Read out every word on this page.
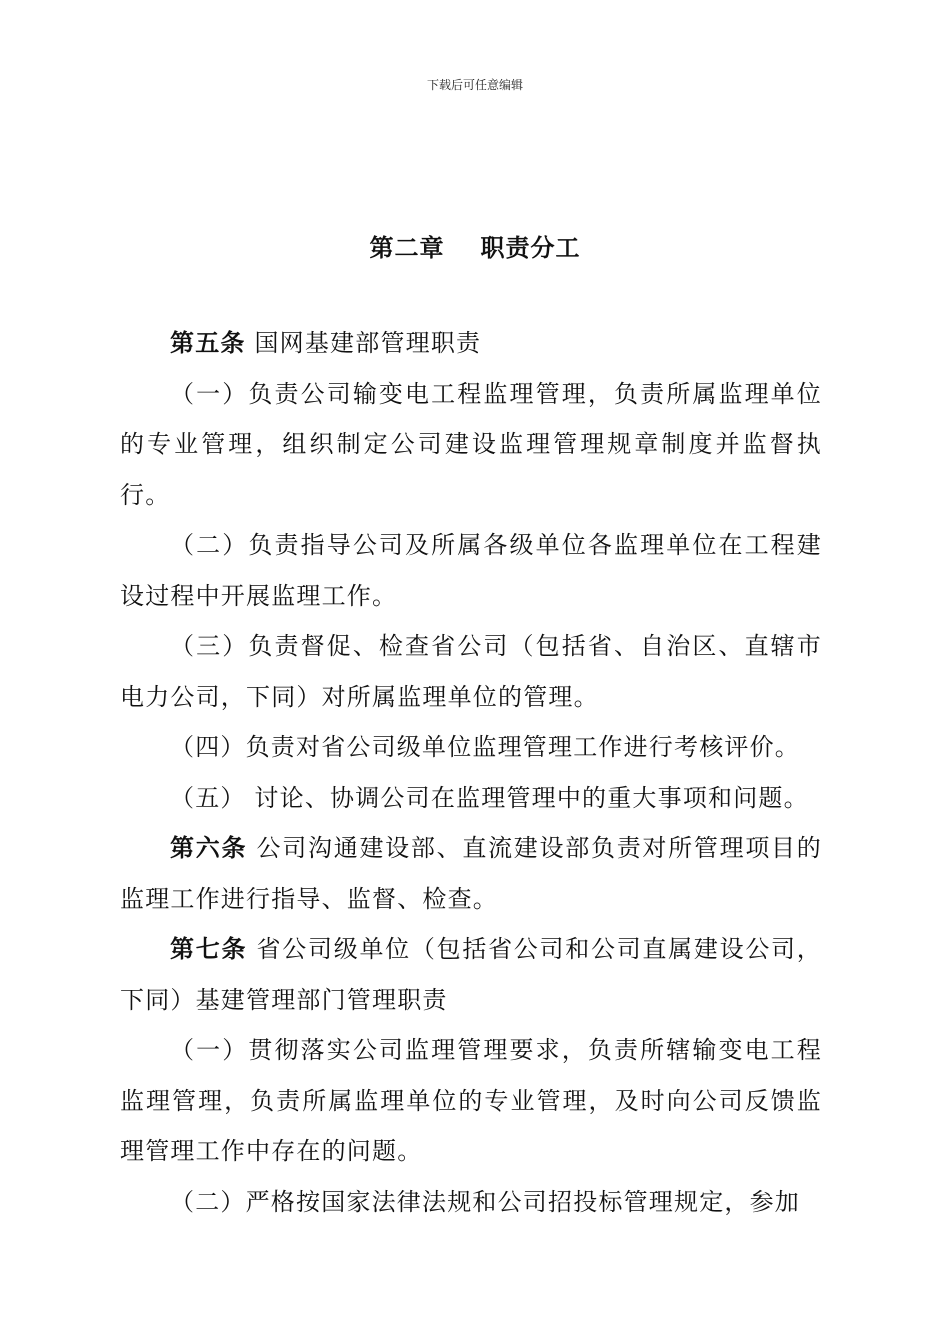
下载后可任意编辑
第二章 职责分工

第五条 国网基建部管理职责

（一）负责公司输变电工程监理管理，负责所属监理单位的专业管理，组织制定公司建设监理管理规章制度并监督执行。

（二）负责指导公司及所属各级单位各监理单位在工程建设过程中开展监理工作。

（三）负责督促、检查省公司（包括省、自治区、直辖市电力公司，下同）对所属监理单位的管理。

（四）负责对省公司级单位监理管理工作进行考核评价。

（五） 讨论、协调公司在监理管理中的重大事项和问题。

第六条 公司沟通建设部、直流建设部负责对所管理项目的监理工作进行指导、监督、检查。

第七条 省公司级单位（包括省公司和公司直属建设公司，下同）基建管理部门管理职责

（一）贯彻落实公司监理管理要求，负责所辖输变电工程监理管理，负责所属监理单位的专业管理，及时向公司反馈监理管理工作中存在的问题。

（二）严格按国家法律法规和公司招投标管理规定，参加
